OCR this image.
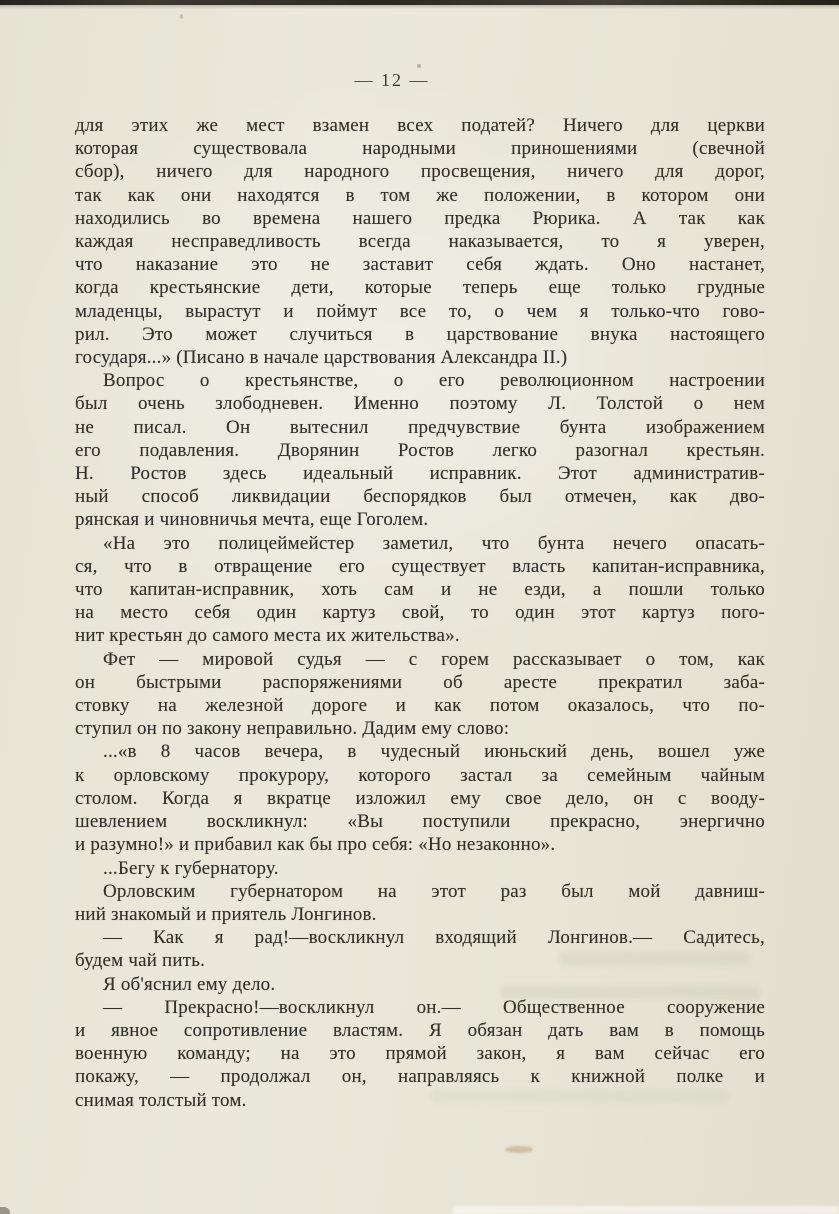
— 12 —
для этих же мест взамен всех податей? Ничего для церкви
которая существовала народными приношениями (свечной
сбор), ничего для народного просвещения, ничего для дорог,
так как они находятся в том же положении, в котором они
находились во времена нашего предка Рюрика. А так как
каждая несправедливость всегда наказывается, то я уверен,
что наказание это не заставит себя ждать. Оно настанет,
когда крестьянские дети, которые теперь еще только грудные
младенцы, вырастут и поймут все то, о чем я только-что гово-
рил. Это может случиться в царствование внука настоящего
государя...» (Писано в начале царствования Александра II.)
Вопрос о крестьянстве, о его революционном настроении
был очень злободневен. Именно поэтому Л. Толстой о нем
не писал. Он вытеснил предчувствие бунта изображением
его подавления. Дворянин Ростов легко разогнал крестьян.
Н. Ростов здесь идеальный исправник. Этот административ-
ный способ ликвидации беспорядков был отмечен, как дво-
рянская и чиновничья мечта, еще Гоголем.
«На это полицеймейстер заметил, что бунта нечего опасать-
ся, что в отвращение его существует власть капитан-исправника,
что капитан-исправник, хоть сам и не езди, а пошли только
на место себя один картуз свой, то один этот картуз пого-
нит крестьян до самого места их жительства».
Фет — мировой судья — с горем рассказывает о том, как
он быстрыми распоряжениями об аресте прекратил заба-
стовку на железной дороге и как потом оказалось, что по-
ступил он по закону неправильно. Дадим ему слово:
...«в 8 часов вечера, в чудесный июньский день, вошел уже
к орловскому прокурору, которого застал за семейным чайным
столом. Когда я вкратце изложил ему свое дело, он с вооду-
шевлением воскликнул: «Вы поступили прекрасно, энергично
и разумно!» и прибавил как бы про себя: «Но незаконно».
...Бегу к губернатору.
Орловским губернатором на этот раз был мой давниш-
ний знакомый и приятель Лонгинов.
— Как я рад!—воскликнул входящий Лонгинов.— Садитесь,
будем чай пить.
Я об'яснил ему дело.
— Прекрасно!—воскликнул он.— Общественное сооружение
и явное сопротивление властям. Я обязан дать вам в помощь
военную команду; на это прямой закон, я вам сейчас его
покажу, — продолжал он, направляясь к книжной полке и
снимая толстый том.
